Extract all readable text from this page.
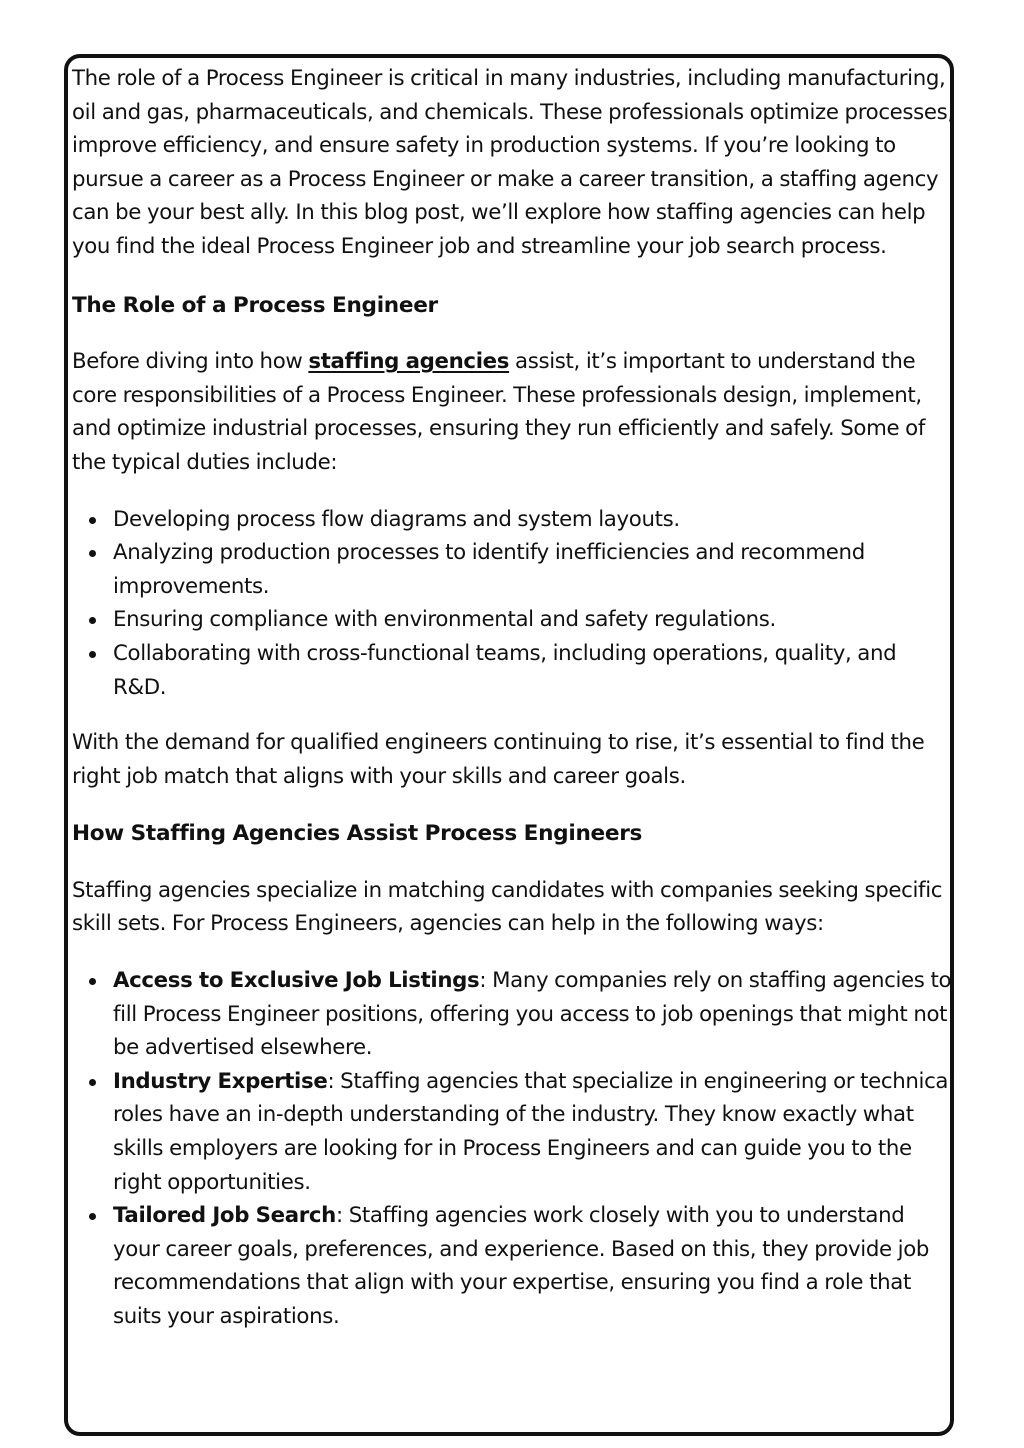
The role of a Process Engineer is critical in many industries, including manufacturing, oil and gas, pharmaceuticals, and chemicals. These professionals optimize processes, improve efficiency, and ensure safety in production systems. If you’re looking to pursue a career as a Process Engineer or make a career transition, a staffing agency can be your best ally. In this blog post, we’ll explore how staffing agencies can help you find the ideal Process Engineer job and streamline your job search process.

The Role of a Process Engineer

Before diving into how staffing agencies assist, it’s important to understand the core responsibilities of a Process Engineer. These professionals design, implement, and optimize industrial processes, ensuring they run efficiently and safely. Some of the typical duties include:

Developing process flow diagrams and system layouts.
Analyzing production processes to identify inefficiencies and recommend improvements.
Ensuring compliance with environmental and safety regulations.
Collaborating with cross-functional teams, including operations, quality, and R&D.

With the demand for qualified engineers continuing to rise, it’s essential to find the right job match that aligns with your skills and career goals.

How Staffing Agencies Assist Process Engineers

Staffing agencies specialize in matching candidates with companies seeking specific skill sets. For Process Engineers, agencies can help in the following ways:

Access to Exclusive Job Listings: Many companies rely on staffing agencies to fill Process Engineer positions, offering you access to job openings that might not be advertised elsewhere.
Industry Expertise: Staffing agencies that specialize in engineering or technical roles have an in-depth understanding of the industry. They know exactly what skills employers are looking for in Process Engineers and can guide you to the right opportunities.
Tailored Job Search: Staffing agencies work closely with you to understand your career goals, preferences, and experience. Based on this, they provide job recommendations that align with your expertise, ensuring you find a role that suits your aspirations.
